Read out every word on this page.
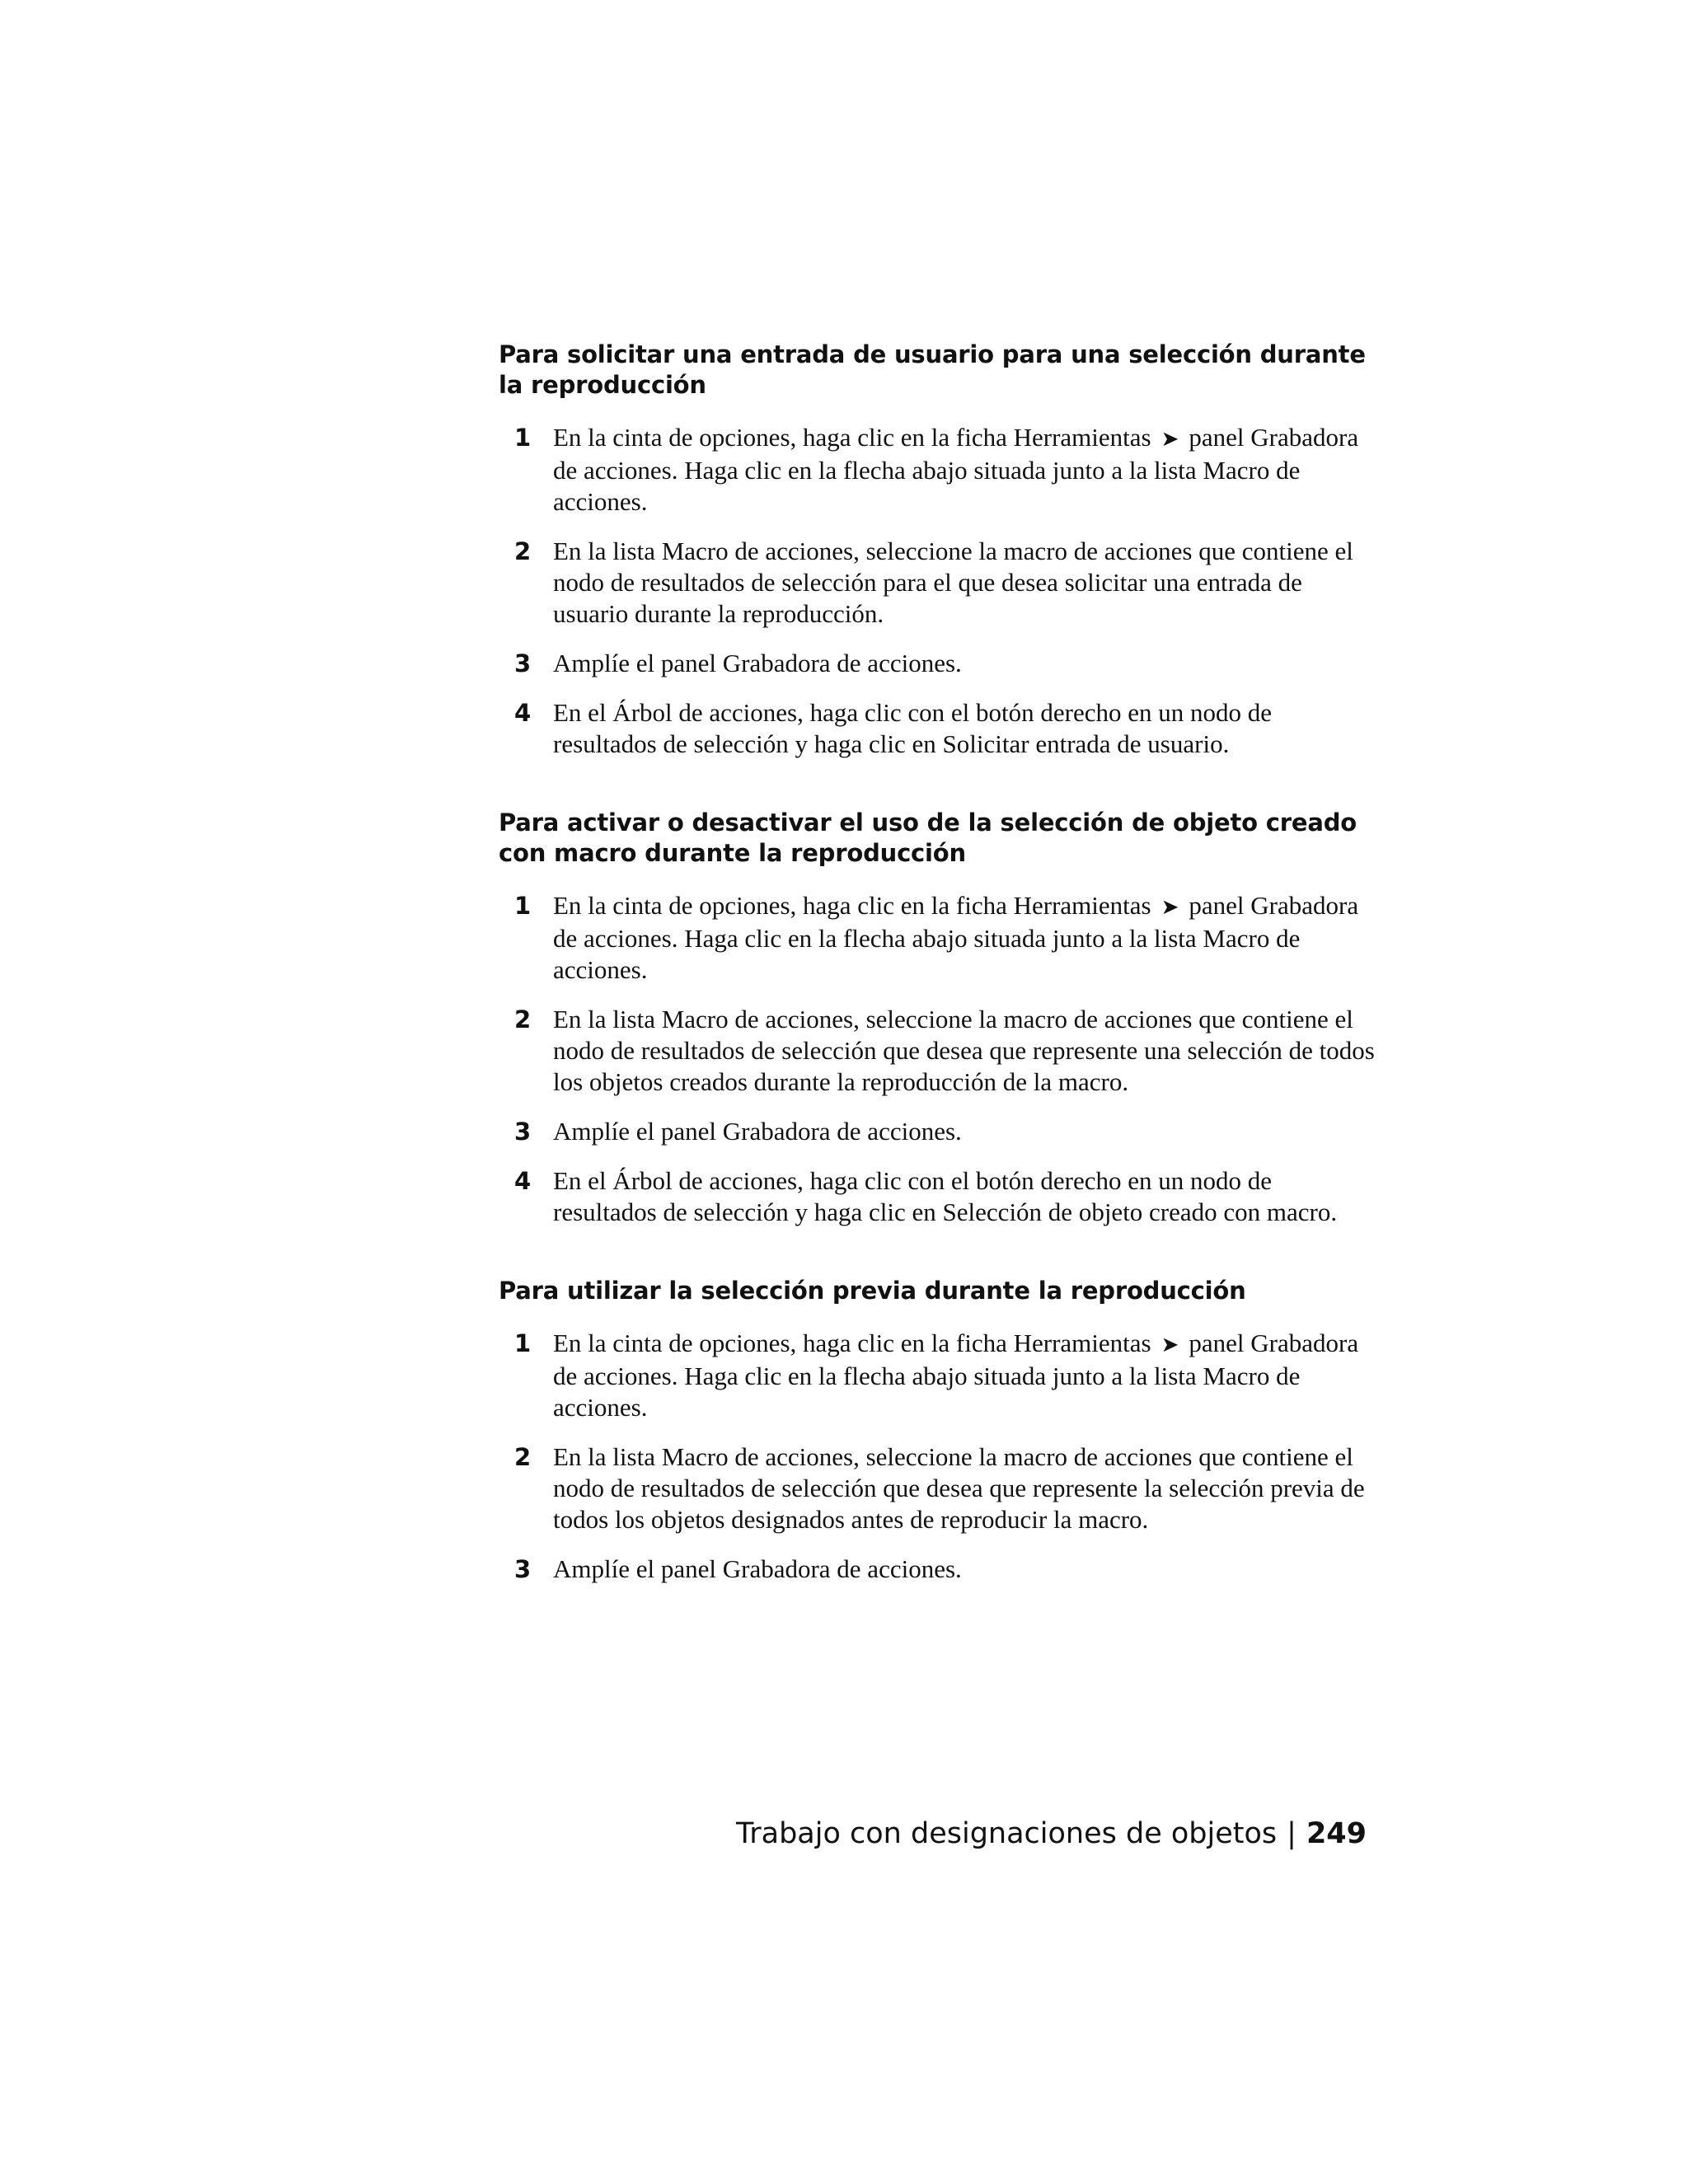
Para solicitar una entrada de usuario para una selección durante la reproducción
1 En la cinta de opciones, haga clic en la ficha Herramientas ➤ panel Grabadora de acciones. Haga clic en la flecha abajo situada junto a la lista Macro de acciones.
2 En la lista Macro de acciones, seleccione la macro de acciones que contiene el nodo de resultados de selección para el que desea solicitar una entrada de usuario durante la reproducción.
3 Amplíe el panel Grabadora de acciones.
4 En el Árbol de acciones, haga clic con el botón derecho en un nodo de resultados de selección y haga clic en Solicitar entrada de usuario.
Para activar o desactivar el uso de la selección de objeto creado con macro durante la reproducción
1 En la cinta de opciones, haga clic en la ficha Herramientas ➤ panel Grabadora de acciones. Haga clic en la flecha abajo situada junto a la lista Macro de acciones.
2 En la lista Macro de acciones, seleccione la macro de acciones que contiene el nodo de resultados de selección que desea que represente una selección de todos los objetos creados durante la reproducción de la macro.
3 Amplíe el panel Grabadora de acciones.
4 En el Árbol de acciones, haga clic con el botón derecho en un nodo de resultados de selección y haga clic en Selección de objeto creado con macro.
Para utilizar la selección previa durante la reproducción
1 En la cinta de opciones, haga clic en la ficha Herramientas ➤ panel Grabadora de acciones. Haga clic en la flecha abajo situada junto a la lista Macro de acciones.
2 En la lista Macro de acciones, seleccione la macro de acciones que contiene el nodo de resultados de selección que desea que represente la selección previa de todos los objetos designados antes de reproducir la macro.
3 Amplíe el panel Grabadora de acciones.
Trabajo con designaciones de objetos | 249
